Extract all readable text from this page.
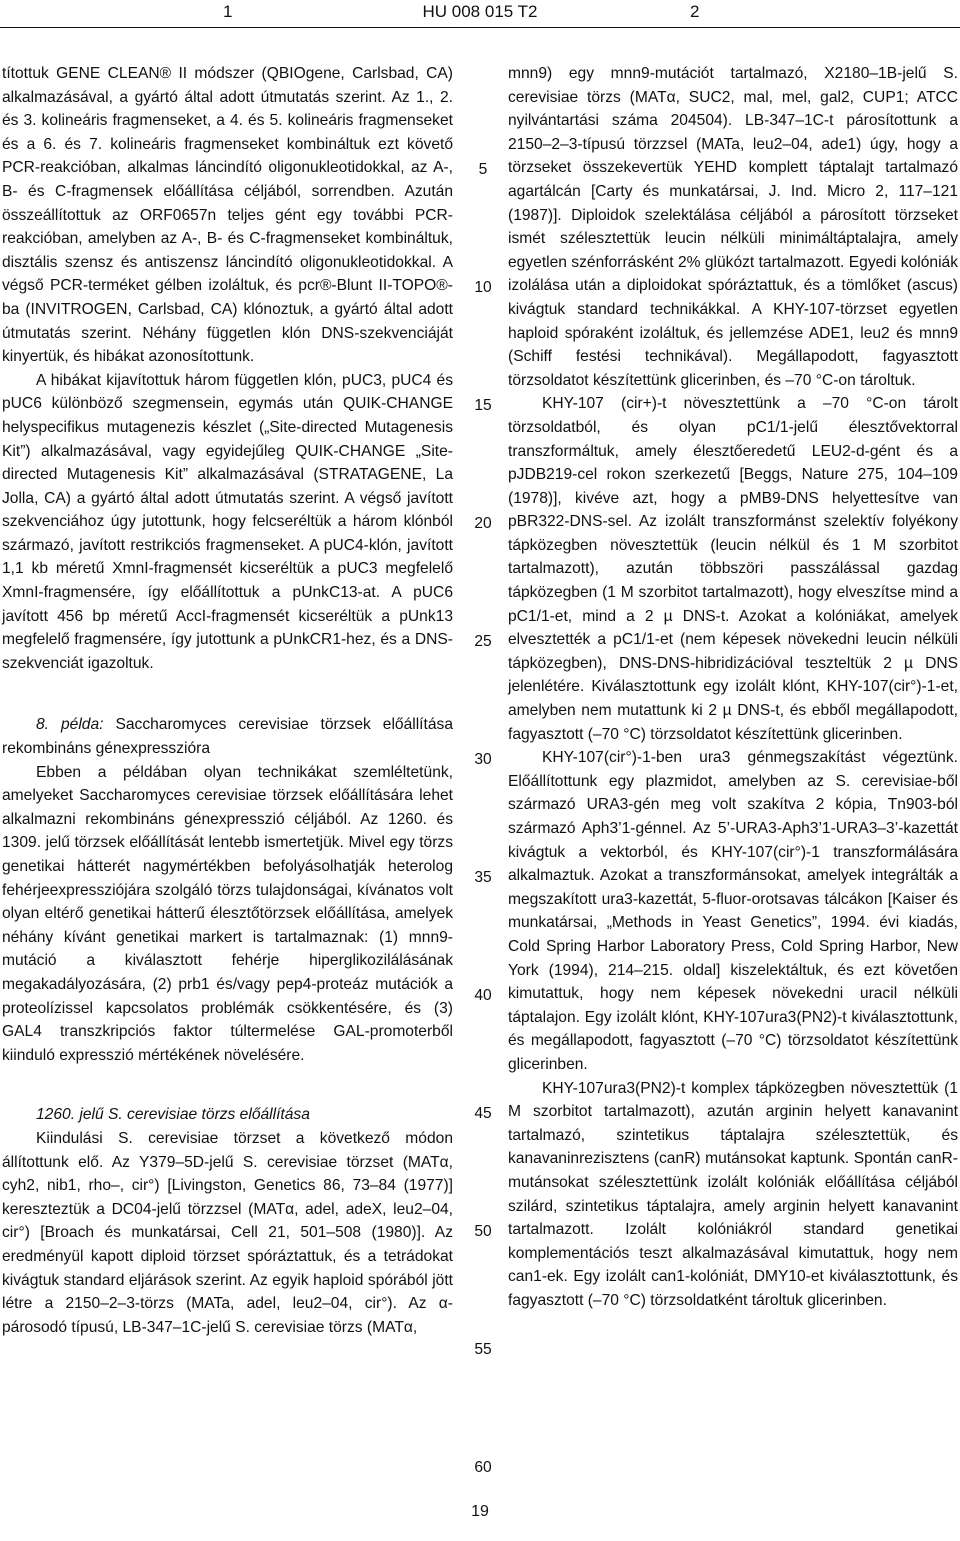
1	HU 008 015 T2	2

títottuk GENE CLEAN® II módszer (QBIOgene, Carlsbad, CA) alkalmazásával, a gyártó által adott útmutatás szerint. Az 1., 2. és 3. kolineáris fragmenseket, a 4. és 5. kolineáris fragmenseket és a 6. és 7. kolineáris fragmenseket kombináltuk ezt követő PCR-reakcióban, alkalmas láncindító oligonukleotidokkal, az A-, B- és C-fragmensek előállítása céljából, sorrendben. Azután összeállítottuk az ORF0657n teljes gént egy további PCR-reakcióban, amelyben az A-, B- és C-fragmenseket kombináltuk, disztális szensz és antiszensz láncindító oligonukleotidokkal. A végső PCR-terméket gélben izoláltuk, és pcr®-Blunt II-TOPO®-ba (INVITROGEN, Carlsbad, CA) klónoztuk, a gyártó által adott útmutatás szerint. Néhány független klón DNS-szekvenciáját kinyertük, és hibákat azonosítottunk.

A hibákat kijavítottuk három független klón, pUC3, pUC4 és pUC6 különböző szegmensein, egymás után QUIK-CHANGE helyspecifikus mutagenezis készlet („Site-directed Mutagenesis Kit”) alkalmazásával, vagy egyidejűleg QUIK-CHANGE „Site-directed Mutagenesis Kit” alkalmazásával (STRATAGENE, La Jolla, CA) a gyártó által adott útmutatás szerint. A végső javított szekvenciához úgy jutottunk, hogy felcseréltük a három klónból származó, javított restrikciós fragmenseket. A pUC4-klón, javított 1,1 kb méretű XmnI-fragmensét kicseréltük a pUC3 megfelelő XmnI-fragmensére, így előállítottuk a pUnkC13-at. A pUC6 javított 456 bp méretű AccI-fragmensét kicseréltük a pUnk13 megfelelő fragmensére, így jutottunk a pUnkCR1-hez, és a DNS-szekvenciát igazoltuk.

8. példa: Saccharomyces cerevisiae törzsek előállítása rekombináns génexpresszióra

Ebben a példában olyan technikákat szemléltetünk, amelyeket Saccharomyces cerevisiae törzsek előállítására lehet alkalmazni rekombináns génexpresszió céljából. Az 1260. és 1309. jelű törzsek előállítását lentebb ismertetjük. Mivel egy törzs genetikai hátterét nagymértékben befolyásolhatják heterolog fehérjeexpressziójára szolgáló törzs tulajdonságai, kívánatos volt olyan eltérő genetikai hátterű élesztőtörzsek előállítása, amelyek néhány kívánt genetikai markert is tartalmaznak: (1) mnn9-mutáció a kiválasztott fehérje hiperglikozilálásának megakadályozására, (2) prb1 és/vagy pep4-proteáz mutációk a proteolízissel kapcsolatos problémák csökkentésére, és (3) GAL4 transzkripciós faktor túltermelése GAL-promoterből kiinduló expresszió mértékének növelésére.

1260. jelű S. cerevisiae törzs előállítása

Kiindulási S. cerevisiae törzset a következő módon állítottunk elő. Az Y379–5D-jelű S. cerevisiae törzset (MATα, cyh2, nib1, rho–, cir°) [Livingston, Genetics 86, 73–84 (1977)] kereszteztük a DC04-jelű törzzsel (MATα, adel, adeX, leu2–04, cir°) [Broach és munkatársai, Cell 21, 501–508 (1980)]. Az eredményül kapott diploid törzset spóráztattuk, és a tetrádokat kivágtuk standard eljárások szerint. Az egyik haploid spórából jött létre a 2150–2–3-törzs (MATa, adel, leu2–04, cir°). Az α-párosodó típusú, LB-347–1C-jelű S. cerevisiae törzs (MATα,

5
10
15
20
25
30
35
40
45
50
55
60

mnn9) egy mnn9-mutációt tartalmazó, X2180–1B-jelű S. cerevisiae törzs (MATα, SUC2, mal, mel, gal2, CUP1; ATCC nyilvántartási száma 204504). LB-347–1C-t párosítottunk a 2150–2–3-típusú törzzsel (MATa, leu2–04, ade1) úgy, hogy a törzseket összekevertük YEHD komplett táptalajt tartalmazó agartálcán [Carty és munkatársai, J. Ind. Micro 2, 117–121 (1987)]. Diploidok szelektálása céljából a párosított törzseket ismét szélesztettük leucin nélküli minimáltáptalajra, amely egyetlen szénforrásként 2% glükózt tartalmazott. Egyedi kolóniák izolálása után a diploidokat spóráztattuk, és a tömlőket (ascus) kivágtuk standard technikákkal. A KHY-107-törzset egyetlen haploid spóraként izoláltuk, és jellemzése ADE1, leu2 és mnn9 (Schiff festési technikával). Megállapodott, fagyasztott törzsoldatot készítettünk glicerinben, és –70 °C-on tároltuk.

KHY-107 (cir+)-t növesztettünk a –70 °C-on tárolt törzsoldatból, és olyan pC1/1-jelű élesztővektorral transzformáltuk, amely élesztőeredetű LEU2-d-gént és a pJDB219-cel rokon szerkezetű [Beggs, Nature 275, 104–109 (1978)], kivéve azt, hogy a pMB9-DNS helyettesítve van pBR322-DNS-sel. Az izolált transzformánst szelektív folyékony tápközegben növesztettük (leucin nélkül és 1 M szorbitot tartalmazott), azután többszöri passzálással gazdag tápközegben (1 M szorbitot tartalmazott), hogy elveszítse mind a pC1/1-et, mind a 2 µ DNS-t. Azokat a kolóniákat, amelyek elvesztették a pC1/1-et (nem képesek növekedni leucin nélküli tápközegben), DNS-DNS-hibridizációval teszteltük 2 µ DNS jelenlétére. Kiválasztottunk egy izolált klónt, KHY-107(cir°)-1-et, amelyben nem mutattunk ki 2 µ DNS-t, és ebből megállapodott, fagyasztott (–70 °C) törzsoldatot készítettünk glicerinben.

KHY-107(cir°)-1-ben ura3 génmegszakítást végeztünk. Előállítottunk egy plazmidot, amelyben az S. cerevisiae-ből származó URA3-gén meg volt szakítva 2 kópia, Tn903-ból származó Aph3’1-génnel. Az 5’-URA3-Aph3’1-URA3–3’-kazettát kivágtuk a vektorból, és KHY-107(cir°)-1 transzformálására alkalmaztuk. Azokat a transzformánsokat, amelyek integrálták a megszakított ura3-kazettát, 5-fluor-orotsavas tálcákon [Kaiser és munkatársai, „Methods in Yeast Genetics”, 1994. évi kiadás, Cold Spring Harbor Laboratory Press, Cold Spring Harbor, New York (1994), 214–215. oldal] kiszelektáltuk, és ezt követően kimutattuk, hogy nem képesek növekedni uracil nélküli táptalajon. Egy izolált klónt, KHY-107ura3(PN2)-t kiválasztottunk, és megállapodott, fagyasztott (–70 °C) törzsoldatot készítettünk glicerinben.

KHY-107ura3(PN2)-t komplex tápközegben növesztettük (1 M szorbitot tartalmazott), azután arginin helyett kanavanint tartalmazó, szintetikus táptalajra szélesztettük, és kanavaninrezisztens (canR) mutánsokat kaptunk. Spontán canR-mutánsokat szélesztettünk izolált kolóniák előállítása céljából szilárd, szintetikus táptalajra, amely arginin helyett kanavanint tartalmazott. Izolált kolóniákról standard genetikai komplementációs teszt alkalmazásával kimutattuk, hogy nem can1-ek. Egy izolált can1-kolóniát, DMY10-et kiválasztottunk, és fagyasztott (–70 °C) törzsoldatként tároltuk glicerinben.

19
